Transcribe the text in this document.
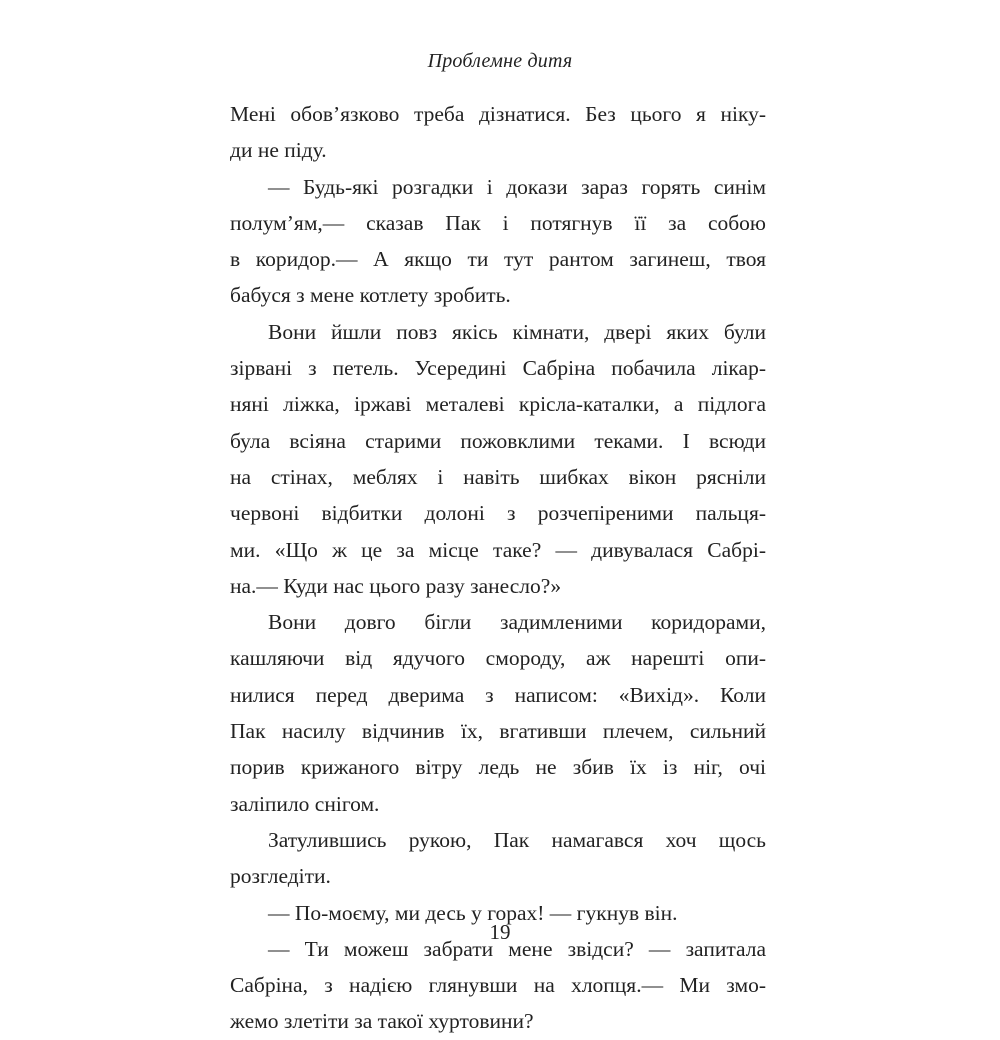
Проблемне дитя
Мені обов’язково треба дізнатися. Без цього я ніку-
ди не піду.
— Будь-які розгадки і докази зараз горять синім
полум’ям,— сказав Пак і потягнув її за собою
в коридор.— А якщо ти тут рантом загинеш, твоя
бабуся з мене котлету зробить.
Вони йшли повз якісь кімнати, двері яких були
зірвані з петель. Усередині Сабріна побачила лікар-
няні ліжка, іржаві металеві крісла-каталки, а підлога
була всіяна старими пожовклими теками. І всюди
на стінах, меблях і навіть шибках вікон рясніли
червоні відбитки долоні з розчепіреними пальця-
ми. «Що ж це за місце таке? — дивувалася Сабрі-
на.— Куди нас цього разу занесло?»
Вони довго бігли задимленими коридорами,
кашляючи від ядучого смороду, аж нарешті опи-
нилися перед дверима з написом: «Вихід». Коли
Пак насилу відчинив їх, вгативши плечем, сильний
порив крижаного вітру ледь не збив їх із ніг, очі
заліпило снігом.
Затулившись рукою, Пак намагався хоч щось
розгледіти.
— По-моєму, ми десь у горах! — гукнув він.
— Ти можеш забрати мене звідси? — запитала
Сабріна, з надією глянувши на хлопця.— Ми змо-
жемо злетіти за такої хуртовини?
19
